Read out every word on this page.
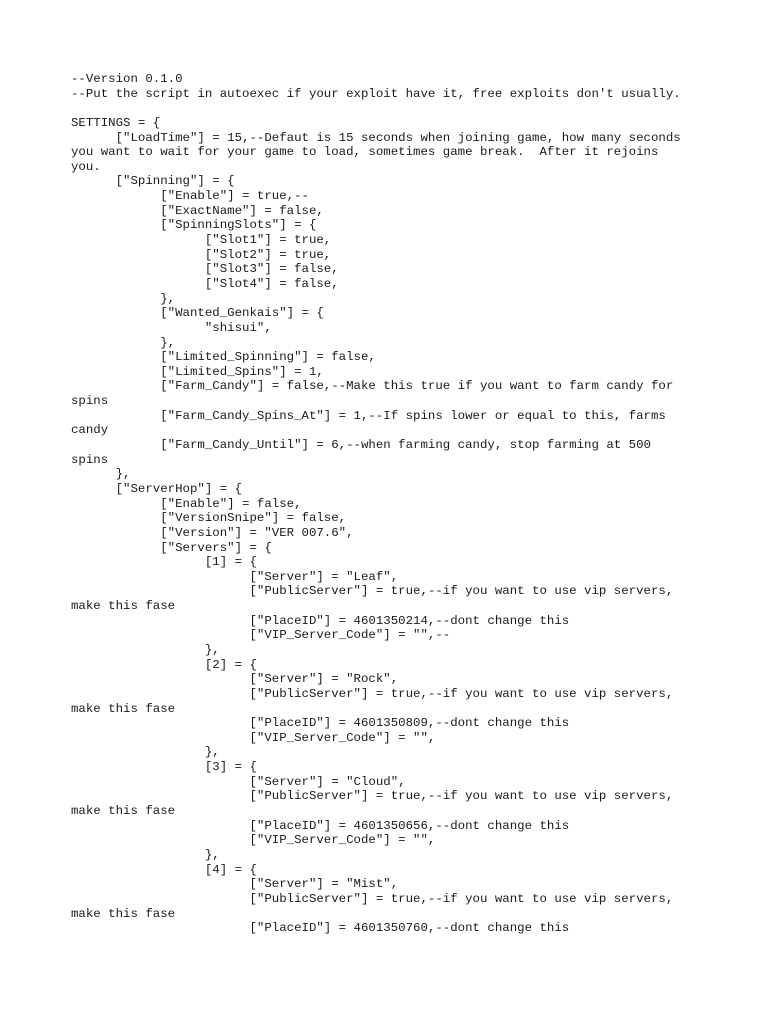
--Version 0.1.0
--Put the script in autoexec if your exploit have it, free exploits don't usually.
SETTINGS = {
["LoadTime"] = 15,--Defaut is 15 seconds when joining game, how many seconds
you want to wait for your game to load, sometimes game break.  After it rejoins
you.
["Spinning"] = {
["Enable"] = true,--
["ExactName"] = false,
["SpinningSlots"] = {
["Slot1"] = true,
["Slot2"] = true,
["Slot3"] = false,
["Slot4"] = false,
},
["Wanted_Genkais"] = {
"shisui",
},
["Limited_Spinning"] = false,
["Limited_Spins"] = 1,
["Farm_Candy"] = false,--Make this true if you want to farm candy for
spins
["Farm_Candy_Spins_At"] = 1,--If spins lower or equal to this, farms
candy
["Farm_Candy_Until"] = 6,--when farming candy, stop farming at 500
spins
},
["ServerHop"] = {
["Enable"] = false,
["VersionSnipe"] = false,
["Version"] = "VER 007.6",
["Servers"] = {
[1] = {
["Server"] = "Leaf",
["PublicServer"] = true,--if you want to use vip servers,
make this fase
["PlaceID"] = 4601350214,--dont change this
["VIP_Server_Code"] = "",--
},
[2] = {
["Server"] = "Rock",
["PublicServer"] = true,--if you want to use vip servers,
make this fase
["PlaceID"] = 4601350809,--dont change this
["VIP_Server_Code"] = "",
},
[3] = {
["Server"] = "Cloud",
["PublicServer"] = true,--if you want to use vip servers,
make this fase
["PlaceID"] = 4601350656,--dont change this
["VIP_Server_Code"] = "",
},
[4] = {
["Server"] = "Mist",
["PublicServer"] = true,--if you want to use vip servers,
make this fase
["PlaceID"] = 4601350760,--dont change this
